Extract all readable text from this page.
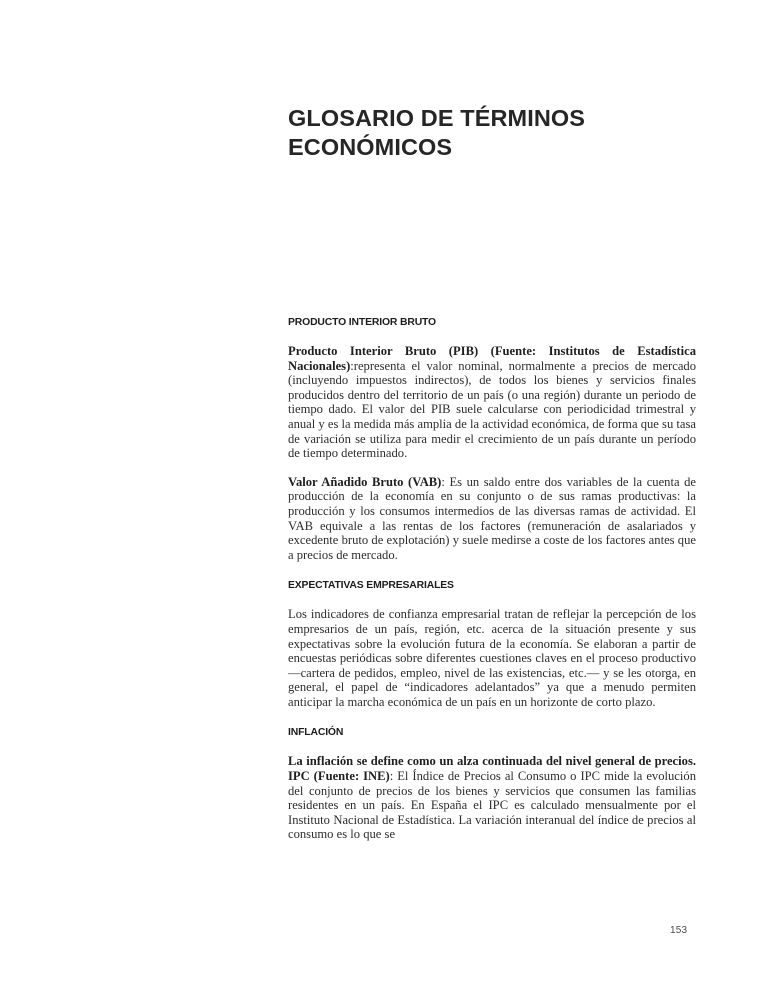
GLOSARIO DE TÉRMINOS
ECONÓMICOS
PRODUCTO INTERIOR BRUTO

Producto Interior Bruto (PIB) (Fuente: Institutos de Estadística Nacionales):representa el valor nominal, normalmente a precios de mercado (incluyendo impuestos indirectos), de todos los bienes y servicios finales producidos dentro del territorio de un país (o una región) durante un periodo de tiempo dado. El valor del PIB suele calcularse con periodicidad trimestral y anual y es la medida más amplia de la actividad económica, de forma que su tasa de variación se utiliza para medir el crecimiento de un país durante un período de tiempo determinado.

Valor Añadido Bruto (VAB): Es un saldo entre dos variables de la cuenta de producción de la economía en su conjunto o de sus ramas productivas: la producción y los consumos intermedios de las diversas ramas de actividad. El VAB equivale a las rentas de los factores (remuneración de asalariados y excedente bruto de explotación) y suele medirse a coste de los factores antes que a precios de mercado.

EXPECTATIVAS EMPRESARIALES

Los indicadores de confianza empresarial tratan de reflejar la percepción de los empresarios de un país, región, etc. acerca de la situación presente y sus expectativas sobre la evolución futura de la economía. Se elaboran a partir de encuestas periódicas sobre diferentes cuestiones claves en el proceso productivo —cartera de pedidos, empleo, nivel de las existencias, etc.— y se les otorga, en general, el papel de “indicadores adelantados” ya que a menudo permiten anticipar la marcha económica de un país en un horizonte de corto plazo.

INFLACIÓN

La inflación se define como un alza continuada del nivel general de precios. IPC (Fuente: INE): El Índice de Precios al Consumo o IPC mide la evolución del conjunto de precios de los bienes y servicios que consumen las familias residentes en un país. En España el IPC es calculado mensualmente por el Instituto Nacional de Estadística. La variación interanual del índice de precios al consumo es lo que se

153
